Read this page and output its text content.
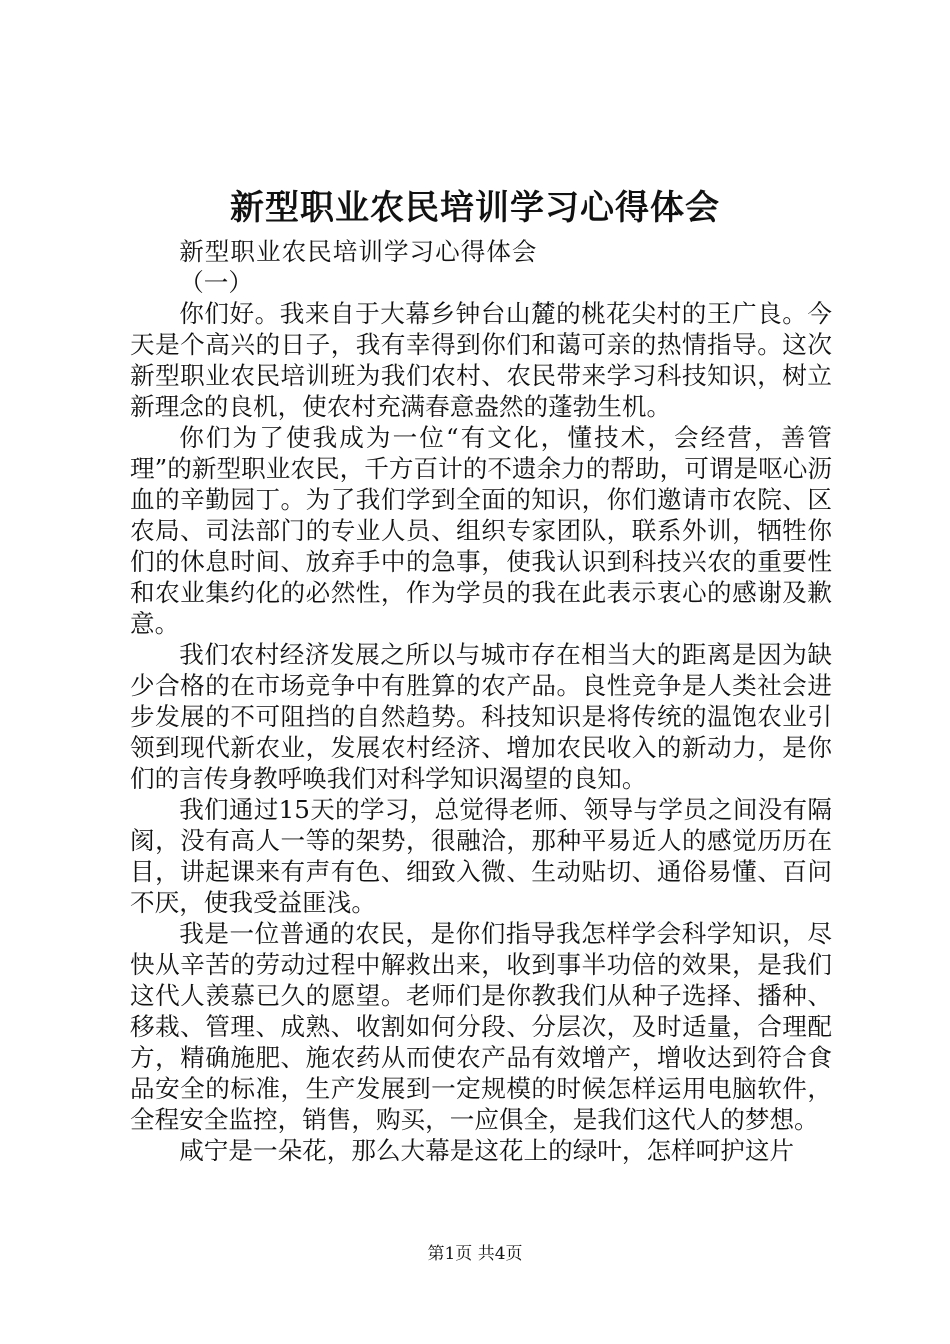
新型职业农民培训学习心得体会

新型职业农民培训学习心得体会

（一）

你们好。我来自于大幕乡钟台山麓的桃花尖村的王广良。今天是个高兴的日子，我有幸得到你们和蔼可亲的热情指导。这次新型职业农民培训班为我们农村、农民带来学习科技知识，树立新理念的良机，使农村充满春意盎然的蓬勃生机。

你们为了使我成为一位“有文化，懂技术，会经营，善管理”的新型职业农民，千方百计的不遗余力的帮助，可谓是呕心沥血的辛勤园丁。为了我们学到全面的知识，你们邀请市农院、区农局、司法部门的专业人员、组织专家团队，联系外训，牺牲你们的休息时间、放弃手中的急事，使我认识到科技兴农的重要性和农业集约化的必然性，作为学员的我在此表示衷心的感谢及歉意。

我们农村经济发展之所以与城市存在相当大的距离是因为缺少合格的在市场竞争中有胜算的农产品。良性竞争是人类社会进步发展的不可阻挡的自然趋势。科技知识是将传统的温饱农业引领到现代新农业，发展农村经济、增加农民收入的新动力，是你们的言传身教呼唤我们对科学知识渴望的良知。

我们通过15天的学习，总觉得老师、领导与学员之间没有隔阂，没有高人一等的架势，很融洽，那种平易近人的感觉历历在目，讲起课来有声有色、细致入微、生动贴切、通俗易懂、百问不厌，使我受益匪浅。

我是一位普通的农民，是你们指导我怎样学会科学知识，尽快从辛苦的劳动过程中解救出来，收到事半功倍的效果，是我们这代人羡慕已久的愿望。老师们是你教我们从种子选择、播种、移栽、管理、成熟、收割如何分段、分层次，及时适量，合理配方，精确施肥、施农药从而使农产品有效增产，增收达到符合食品安全的标准，生产发展到一定规模的时候怎样运用电脑软件，全程安全监控，销售，购买，一应俱全，是我们这代人的梦想。

咸宁是一朵花，那么大幕是这花上的绿叶，怎样呵护这片

第1页 共4页
